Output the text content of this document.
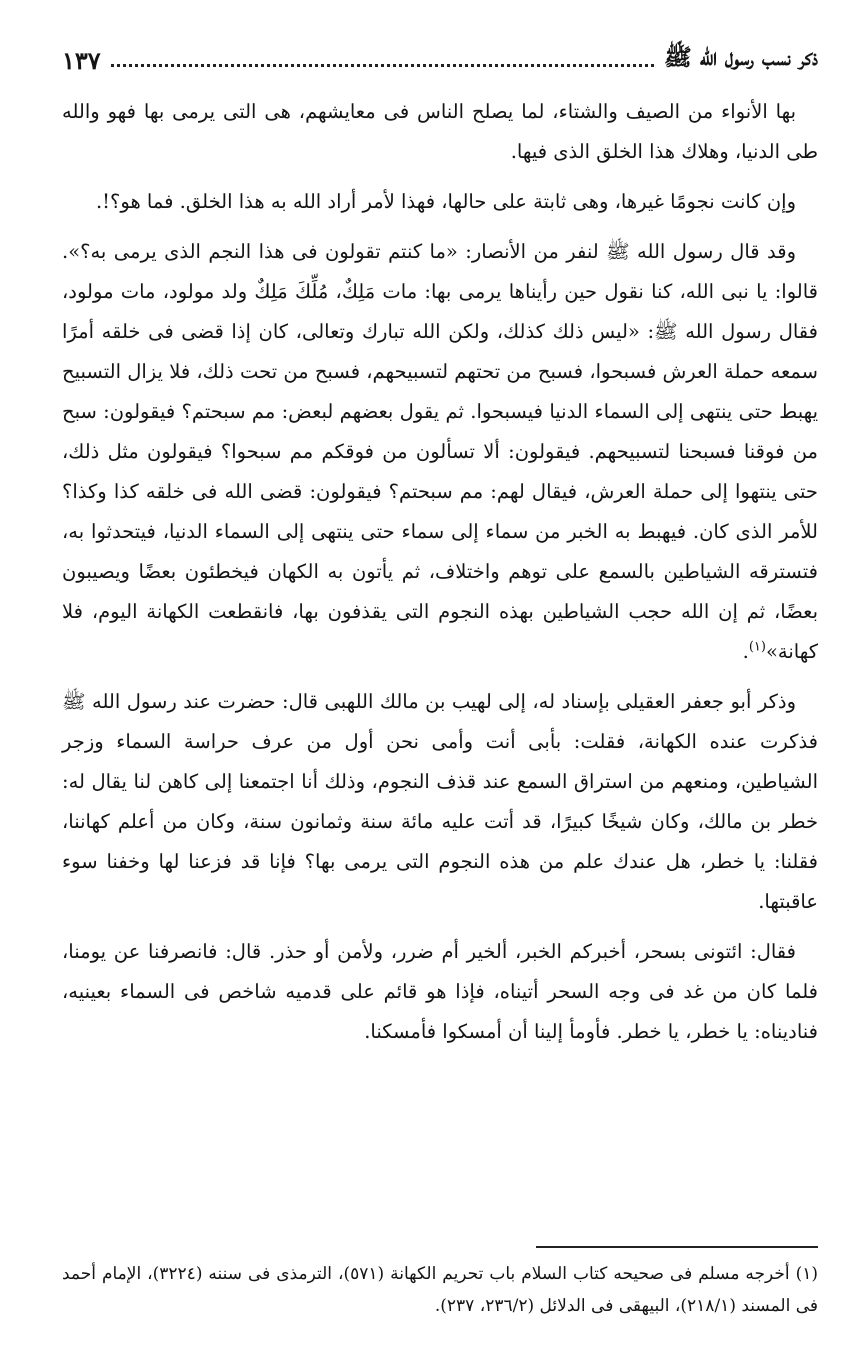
ذكر نسب رسول الله ﷺ
١٣٧

بها الأنواء من الصيف والشتاء، لما يصلح الناس فى معايشهم، هى التى يرمى بها فهو والله طى الدنيا، وهلاك هذا الخلق الذى فيها.

وإن كانت نجومًا غيرها، وهى ثابتة على حالها، فهذا لأمر أراد الله به هذا الخلق. فما هو؟!.

وقد قال رسول الله ﷺ لنفر من الأنصار: «ما كنتم تقولون فى هذا النجم الذى يرمى به؟». قالوا: يا نبى الله، كنا نقول حين رأيناها يرمى بها: مات مَلِكٌ، مُلِّكَ مَلِكٌ ولد مولود، مات مولود، فقال رسول الله ﷺ: «ليس ذلك كذلك، ولكن الله تبارك وتعالى، كان إذا قضى فى خلقه أمرًا سمعه حملة العرش فسبحوا، فسبح من تحتهم لتسبيحهم، فسبح من تحت ذلك، فلا يزال التسبيح يهبط حتى ينتهى إلى السماء الدنيا فيسبحوا. ثم يقول بعضهم لبعض: مم سبحتم؟ فيقولون: سبح من فوقنا فسبحنا لتسبيحهم. فيقولون: ألا تسألون من فوقكم مم سبحوا؟ فيقولون مثل ذلك، حتى ينتهوا إلى حملة العرش، فيقال لهم: مم سبحتم؟ فيقولون: قضى الله فى خلقه كذا وكذا؟ للأمر الذى كان. فيهبط به الخبر من سماء إلى سماء حتى ينتهى إلى السماء الدنيا، فيتحدثوا به، فتسترقه الشياطين بالسمع على توهم واختلاف، ثم يأتون به الكهان فيخطئون بعضًا ويصيبون بعضًا، ثم إن الله حجب الشياطين بهذه النجوم التى يقذفون بها، فانقطعت الكهانة اليوم، فلا كهانة»$^{(١)}$.

وذكر أبو جعفر العقيلى بإسناد له، إلى لهيب بن مالك اللهبى قال: حضرت عند رسول الله ﷺ فذكرت عنده الكهانة، فقلت: بأبى أنت وأمى نحن أول من عرف حراسة السماء وزجر الشياطين، ومنعهم من استراق السمع عند قذف النجوم، وذلك أنا اجتمعنا إلى كاهن لنا يقال له: خطر بن مالك، وكان شيخًا كبيرًا، قد أتت عليه مائة سنة وثمانون سنة، وكان من أعلم كهاننا، فقلنا: يا خطر، هل عندك علم من هذه النجوم التى يرمى بها؟ فإنا قد فزعنا لها وخفنا سوء عاقبتها.

فقال: ائتونى بسحر، أخبركم الخبر، ألخير أم ضرر، ولأمن أو حذر. قال: فانصرفنا عن يومنا، فلما كان من غد فى وجه السحر أتيناه، فإذا هو قائم على قدميه شاخص فى السماء بعينيه، فناديناه: يا خطر، يا خطر. فأومأ إلينا أن أمسكوا فأمسكنا.

(١) أخرجه مسلم فى صحيحه كتاب السلام باب تحريم الكهانة (٥٧١)، الترمذى فى سننه (٣٢٢٤)، الإمام أحمد فى المسند (٢١٨/١)، البيهقى فى الدلائل (٢٣٦/٢، ٢٣٧).
